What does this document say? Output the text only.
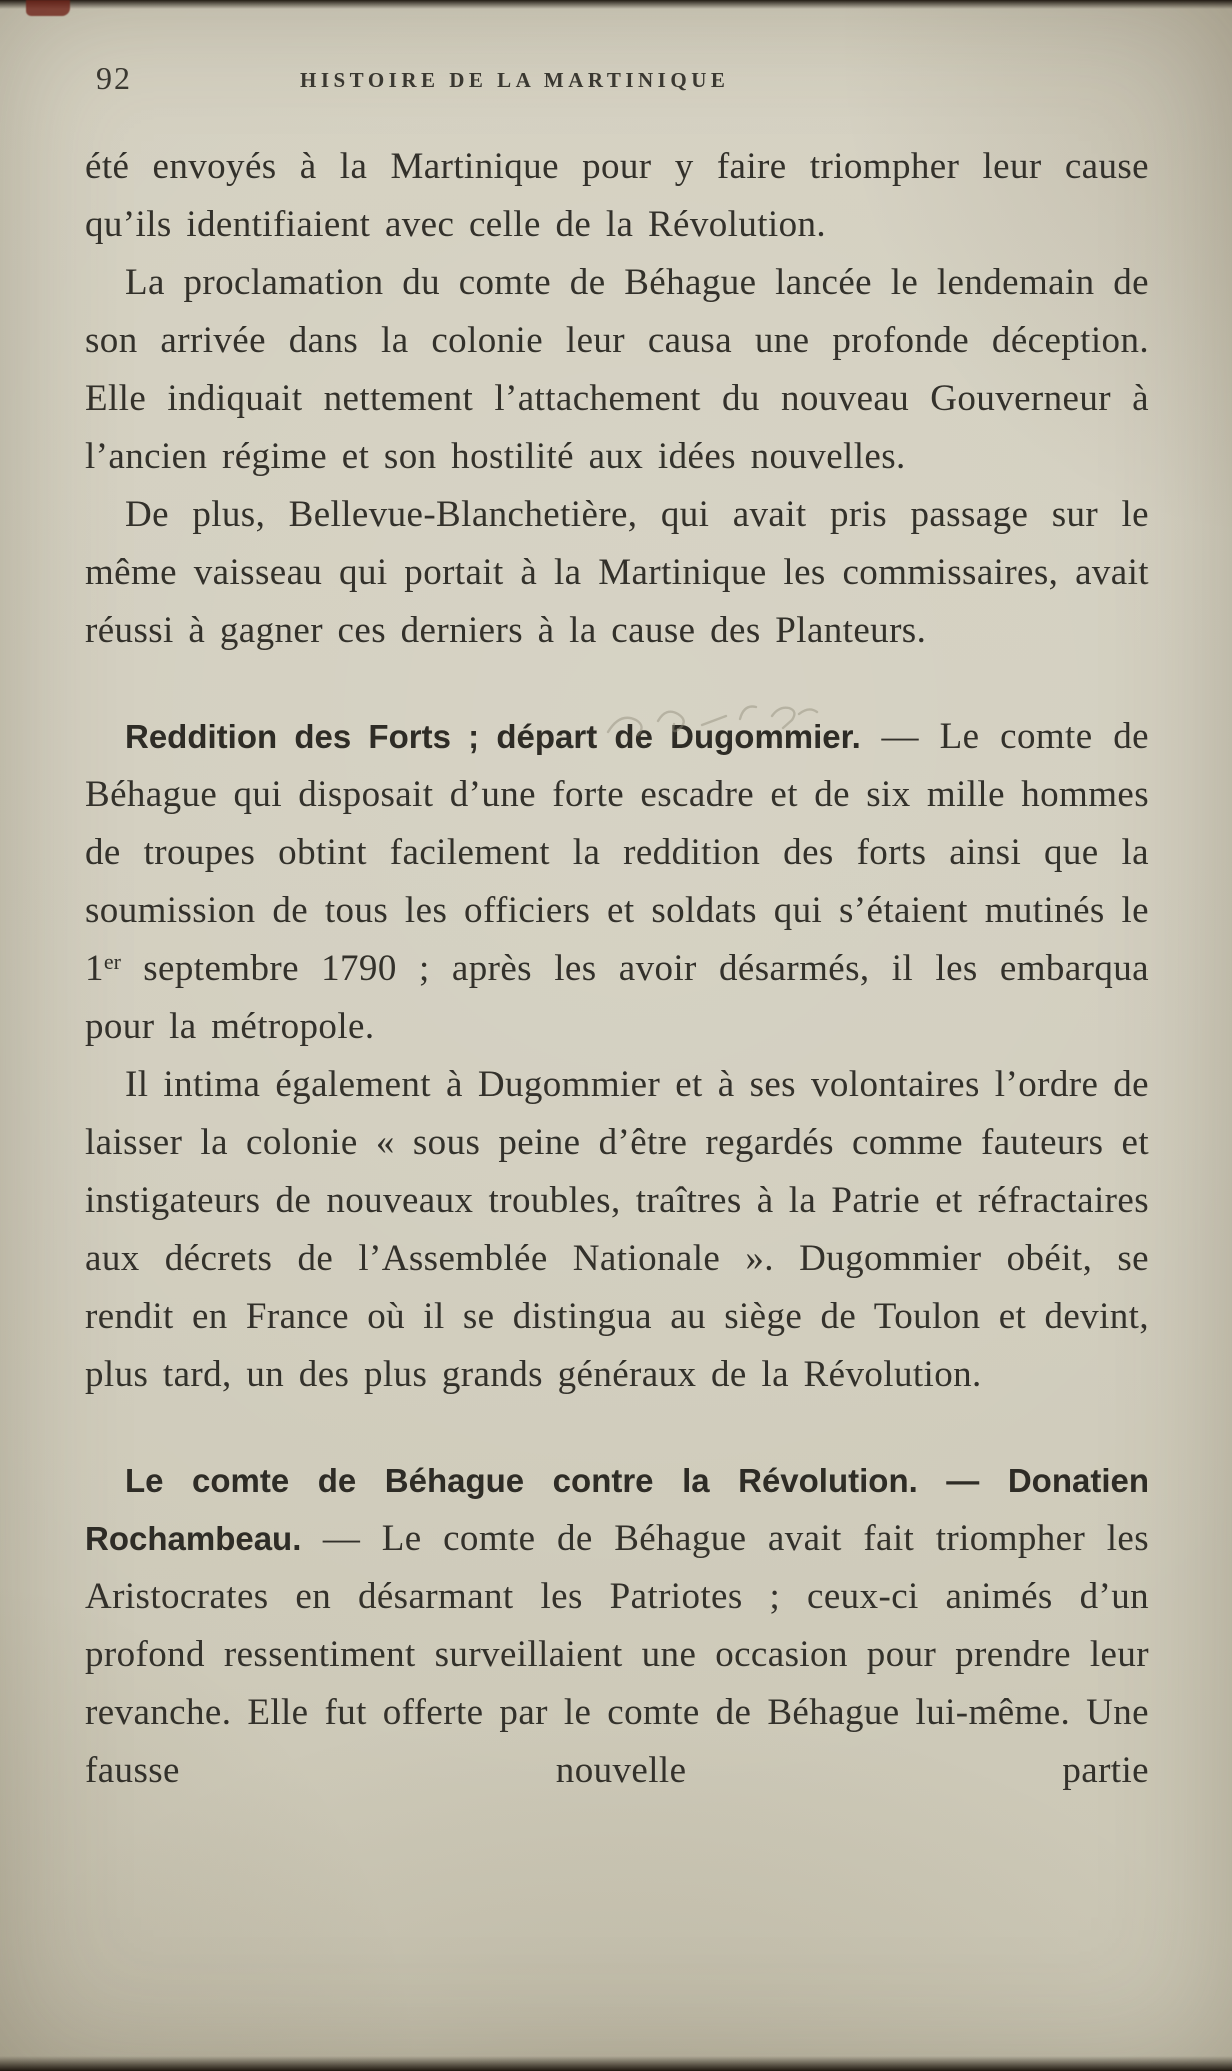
92	HISTOIRE DE LA MARTINIQUE

été envoyés à la Martinique pour y faire triompher leur cause qu’ils identifiaient avec celle de la Révolution.

La proclamation du comte de Béhague lancée le lendemain de son arrivée dans la colonie leur causa une profonde déception. Elle indiquait nettement l’attachement du nouveau Gouverneur à l’ancien régime et son hostilité aux idées nouvelles.

De plus, Bellevue-Blanchetière, qui avait pris passage sur le même vaisseau qui portait à la Martinique les commissaires, avait réussi à gagner ces derniers à la cause des Planteurs.

Reddition des Forts ; départ de Dugommier. — Le comte de Béhague qui disposait d’une forte escadre et de six mille hommes de troupes obtint facilement la reddition des forts ainsi que la soumission de tous les officiers et soldats qui s’étaient mutinés le 1er septembre 1790 ; après les avoir désarmés, il les embarqua pour la métropole.

Il intima également à Dugommier et à ses volontaires l’ordre de laisser la colonie « sous peine d’être regardés comme fauteurs et instigateurs de nouveaux troubles, traîtres à la Patrie et réfractaires aux décrets de l’Assemblée Nationale ». Dugommier obéit, se rendit en France où il se distingua au siège de Toulon et devint, plus tard, un des plus grands généraux de la Révolution.

Le comte de Béhague contre la Révolution. — Donatien Rochambeau. — Le comte de Béhague avait fait triompher les Aristocrates en désarmant les Patriotes ; ceux-ci animés d’un profond ressentiment surveillaient une occasion pour prendre leur revanche. Elle fut offerte par le comte de Béhague lui-même. Une fausse nouvelle partie
